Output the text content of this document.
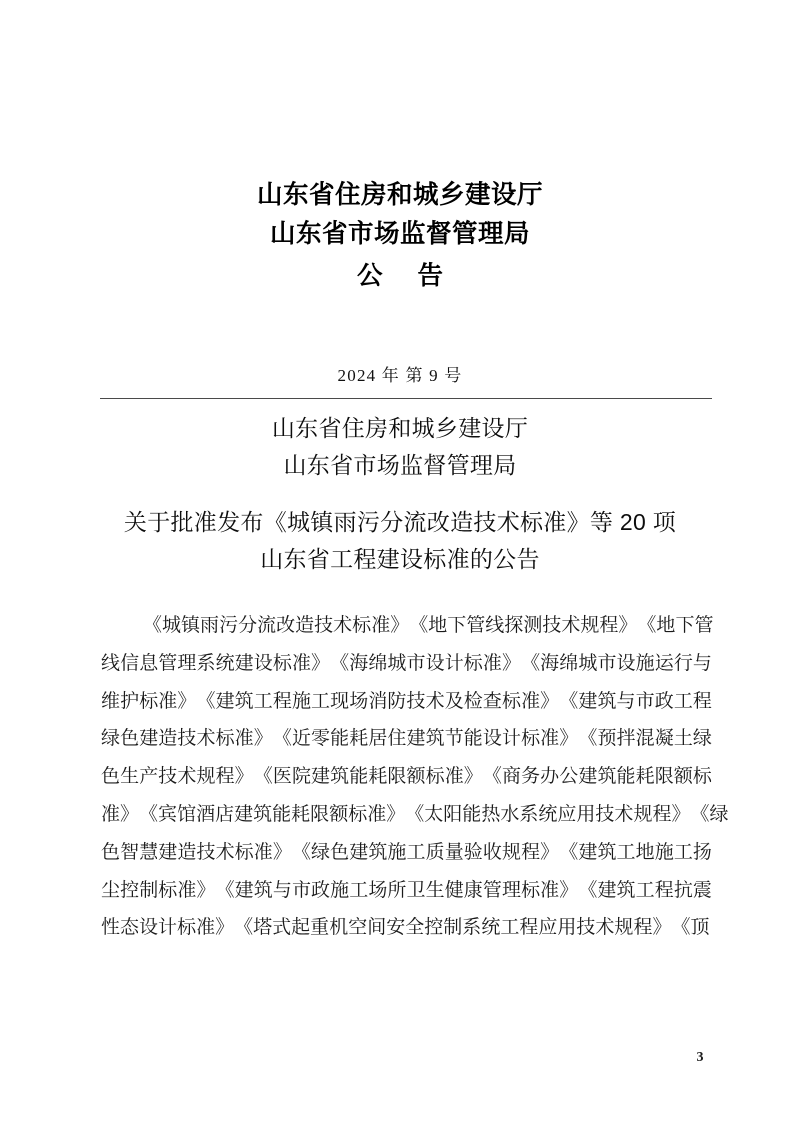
山东省住房和城乡建设厅
山东省市场监督管理局
公 告
2024 年 第 9 号
山东省住房和城乡建设厅
山东省市场监督管理局
关于批准发布《城镇雨污分流改造技术标准》等 20 项
山东省工程建设标准的公告
《 城 镇 雨 污 分 流 改 造 技 术 标 准 》 《 地 下 管 线 探 测 技 术 规 程 》 《 地 下 管
线 信 息 管 理 系 统 建 设 标 准 》 《 海 绵 城 市 设 计 标 准 》 《 海 绵 城 市 设 施 运 行 与
维 护 标 准 》 《 建 筑 工 程 施 工 现 场 消 防 技 术 及 检 查 标 准 》 《 建 筑 与 市 政 工 程
绿 色 建 造 技 术 标 准 》 《 近 零 能 耗 居 住 建 筑 节 能 设 计 标 准 》 《 预 拌 混 凝 土 绿
色 生 产 技 术 规 程 》 《 医 院 建 筑 能 耗 限 额 标 准 》 《 商 务 办 公 建 筑 能 耗 限 额 标
准 》 《 宾 馆 酒 店 建 筑 能 耗 限 额 标 准 》 《 太 阳 能 热 水 系 统 应 用 技 术 规 程 》 《 绿
色 智 慧 建 造 技 术 标 准 》 《 绿 色 建 筑 施 工 质 量 验 收 规 程 》 《 建 筑 工 地 施 工 扬
尘 控 制 标 准 》 《 建 筑 与 市 政 施 工 场 所 卫 生 健 康 管 理 标 准 》 《 建 筑 工 程 抗 震
性 态 设 计 标 准 》 《 塔 式 起 重 机 空 间 安 全 控 制 系 统 工 程 应 用 技 术 规 程 》 《 顶
3
